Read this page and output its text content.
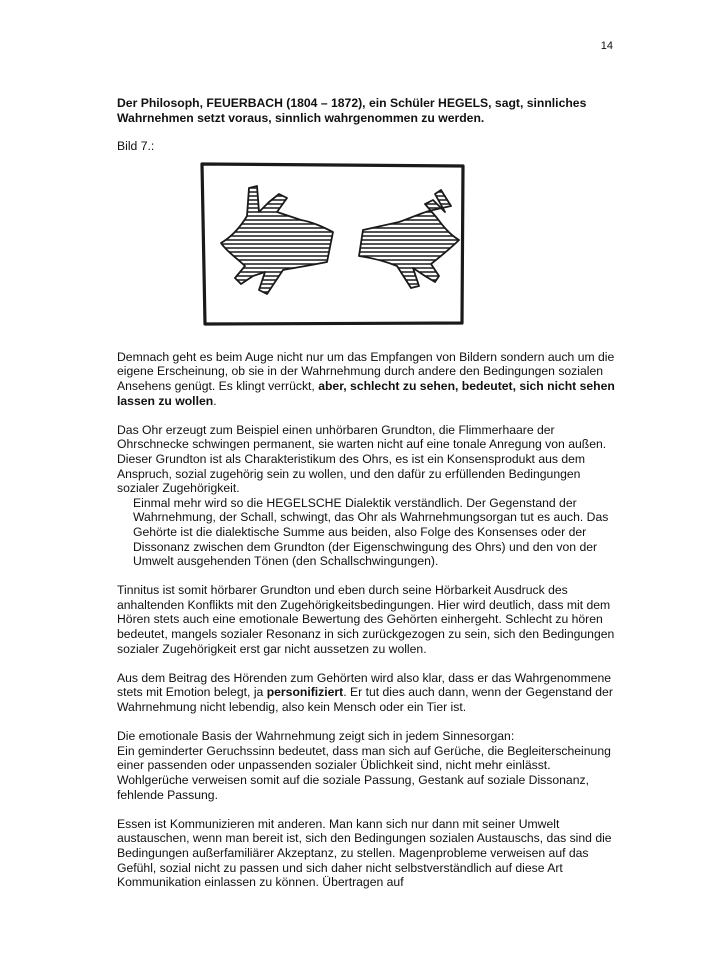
14

Der Philosoph, FEUERBACH (1804 – 1872), ein Schüler HEGELS, sagt, sinnliches Wahrnehmen setzt voraus, sinnlich wahrgenommen zu werden.

Bild 7.:

Demnach geht es beim Auge nicht nur um das Empfangen von Bildern sondern auch um die eigene Erscheinung, ob sie in der Wahrnehmung durch andere den Bedingungen sozialen Ansehens genügt. Es klingt verrückt, aber, schlecht zu sehen, bedeutet, sich nicht sehen lassen zu wollen.

Das Ohr erzeugt zum Beispiel einen unhörbaren Grundton, die Flimmerhaare der Ohrschnecke schwingen permanent, sie warten nicht auf eine tonale Anregung von außen. Dieser Grundton ist als Charakteristikum des Ohrs, es ist ein Konsensprodukt aus dem Anspruch, sozial zugehörig sein zu wollen, und den dafür zu erfüllenden Bedingungen sozialer Zugehörigkeit.

Einmal mehr wird so die HEGELSCHE Dialektik verständlich. Der Gegenstand der Wahrnehmung, der Schall, schwingt, das Ohr als Wahrnehmungsorgan tut es auch. Das Gehörte ist die dialektische Summe aus beiden, also Folge des Konsenses oder der Dissonanz zwischen dem Grundton (der Eigenschwingung des Ohrs) und den von der Umwelt ausgehenden Tönen (den Schallschwingungen).

Tinnitus ist somit hörbarer Grundton und eben durch seine Hörbarkeit Ausdruck des anhaltenden Konflikts mit den Zugehörigkeitsbedingungen. Hier wird deutlich, dass mit dem Hören stets auch eine emotionale Bewertung des Gehörten einhergeht. Schlecht zu hören bedeutet, mangels sozialer Resonanz in sich zurückgezogen zu sein, sich den Bedingungen sozialer Zugehörigkeit erst gar nicht aussetzen zu wollen.

Aus dem Beitrag des Hörenden zum Gehörten wird also klar, dass er das Wahrgenommene stets mit Emotion belegt, ja personifiziert. Er tut dies auch dann, wenn der Gegenstand der Wahrnehmung nicht lebendig, also kein Mensch oder ein Tier ist.

Die emotionale Basis der Wahrnehmung zeigt sich in jedem Sinnesorgan:

Ein geminderter Geruchssinn bedeutet, dass man sich auf Gerüche, die Begleiterscheinung einer passenden oder unpassenden sozialer Üblichkeit sind, nicht mehr einlässt. Wohlgerüche verweisen somit auf die soziale Passung, Gestank auf soziale Dissonanz, fehlende Passung.

Essen ist Kommunizieren mit anderen. Man kann sich nur dann mit seiner Umwelt austauschen, wenn man bereit ist, sich den Bedingungen sozialen Austauschs, das sind die Bedingungen außerfamiliärer Akzeptanz, zu stellen. Magenprobleme verweisen auf das Gefühl, sozial nicht zu passen und sich daher nicht selbstverständlich auf diese Art Kommunikation einlassen zu können. Übertragen auf
